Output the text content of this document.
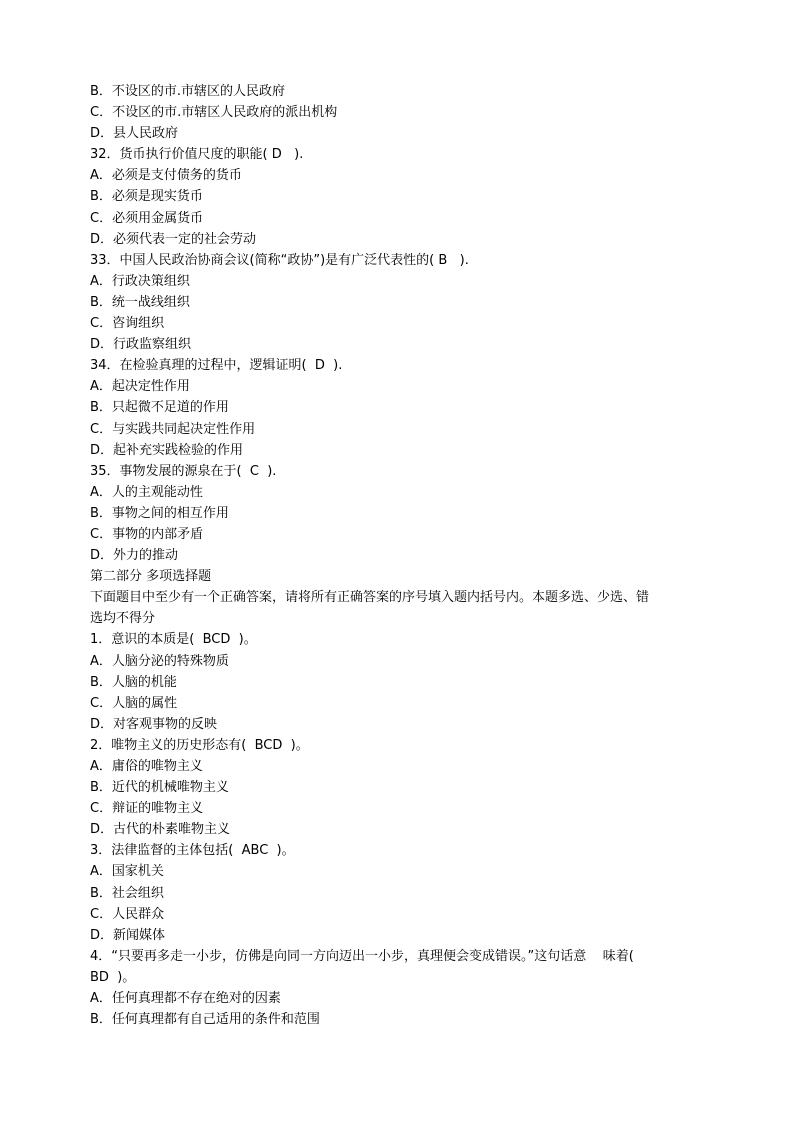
B．不设区的市.市辖区的人民政府
C．不设区的市.市辖区人民政府的派出机构
D．县人民政府
32．货币执行价值尺度的职能( D   ).
A．必须是支付债务的货币
B．必须是现实货币
C．必须用金属货币
D．必须代表一定的社会劳动
33．中国人民政治协商会议(简称“政协”)是有广泛代表性的( B   ).
A．行政决策组织
B．统一战线组织
C．咨询组织
D．行政监察组织
34．在检验真理的过程中，逻辑证明(  D  ).
A．起决定性作用
B．只起微不足道的作用
C．与实践共同起决定性作用
D．起补充实践检验的作用
35．事物发展的源泉在于(  C  ).
A．人的主观能动性
B．事物之间的相互作用
C．事物的内部矛盾
D．外力的推动
第二部分 多项选择题
下面题目中至少有一个正确答案，请将所有正确答案的序号填入题内括号内。本题多选、少选、错
选均不得分
1．意识的本质是(  BCD  )。
A．人脑分泌的特殊物质
B．人脑的机能
C．人脑的属性
D．对客观事物的反映
2．唯物主义的历史形态有(  BCD  )。
A．庸俗的唯物主义
B．近代的机械唯物主义
C．辩证的唯物主义
D．古代的朴素唯物主义
3．法律监督的主体包括(  ABC  )。
A．国家机关
B．社会组织
C．人民群众
D．新闻媒体
4．“只要再多走一小步，仿佛是向同一方向迈出一小步，真理便会变成错误。”这句话意    味着(
BD  )。
A．任何真理都不存在绝对的因素
B．任何真理都有自己适用的条件和范围
